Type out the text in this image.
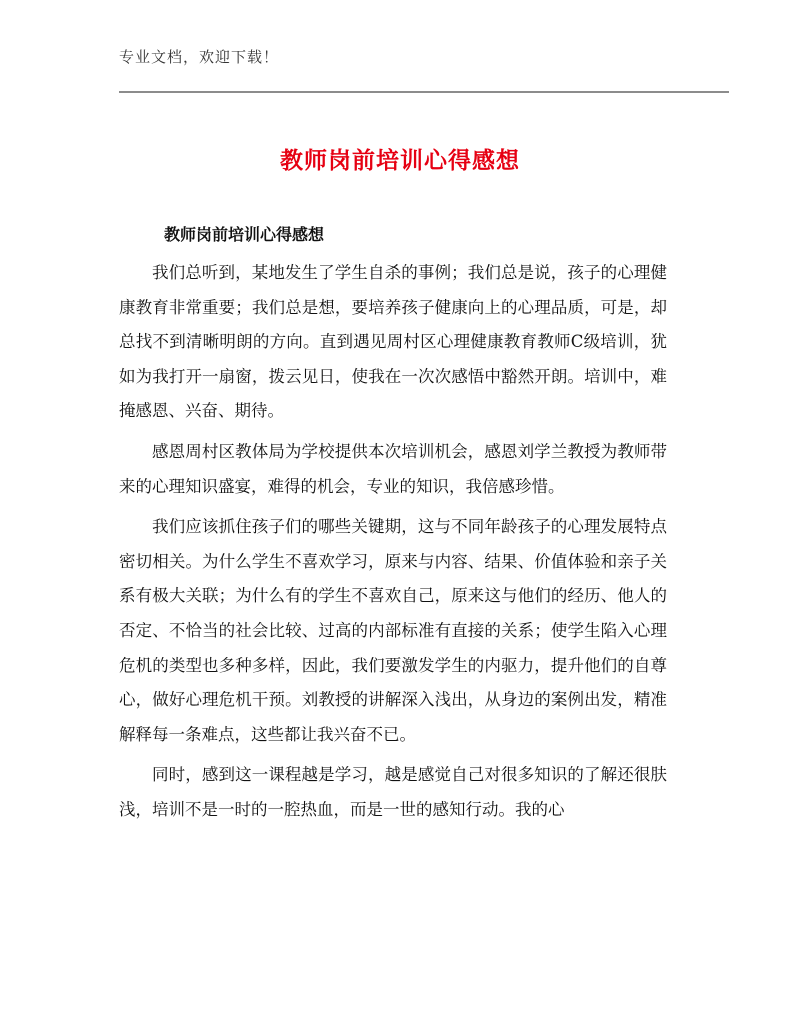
专业文档，欢迎下载！
教师岗前培训心得感想
教师岗前培训心得感想

我们总听到，某地发生了学生自杀的事例；我们总是说，孩子的心理健康教育非常重要；我们总是想，要培养孩子健康向上的心理品质，可是，却总找不到清晰明朗的方向。直到遇见周村区心理健康教育教师C级培训，犹如为我打开一扇窗，拨云见日，使我在一次次感悟中豁然开朗。培训中，难掩感恩、兴奋、期待。

感恩周村区教体局为学校提供本次培训机会，感恩刘学兰教授为教师带来的心理知识盛宴，难得的机会，专业的知识，我倍感珍惜。

我们应该抓住孩子们的哪些关键期，这与不同年龄孩子的心理发展特点密切相关。为什么学生不喜欢学习，原来与内容、结果、价值体验和亲子关系有极大关联；为什么有的学生不喜欢自己，原来这与他们的经历、他人的否定、不恰当的社会比较、过高的内部标准有直接的关系；使学生陷入心理危机的类型也多种多样，因此，我们要激发学生的内驱力，提升他们的自尊心，做好心理危机干预。刘教授的讲解深入浅出，从身边的案例出发，精准解释每一条难点，这些都让我兴奋不已。

同时，感到这一课程越是学习，越是感觉自己对很多知识的了解还很肤浅，培训不是一时的一腔热血，而是一世的感知行动。我的心
